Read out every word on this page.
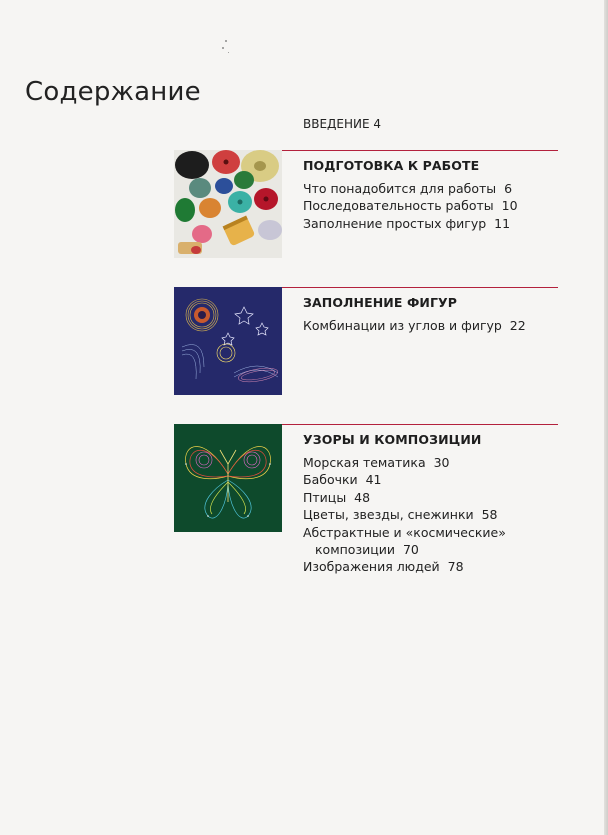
Содержание
ВВЕДЕНИЕ 4
ПОДГОТОВКА К РАБОТЕ
Что понадобится для работы 6
Последовательность работы 10
Заполнение простых фигур 11
ЗАПОЛНЕНИЕ ФИГУР
Комбинации из углов и фигур 22
УЗОРЫ И КОМПОЗИЦИИ
Морская тематика 30
Бабочки 41
Птицы 48
Цветы, звезды, снежинки 58
Абстрактные и «космические»
композиции 70
Изображения людей 78
